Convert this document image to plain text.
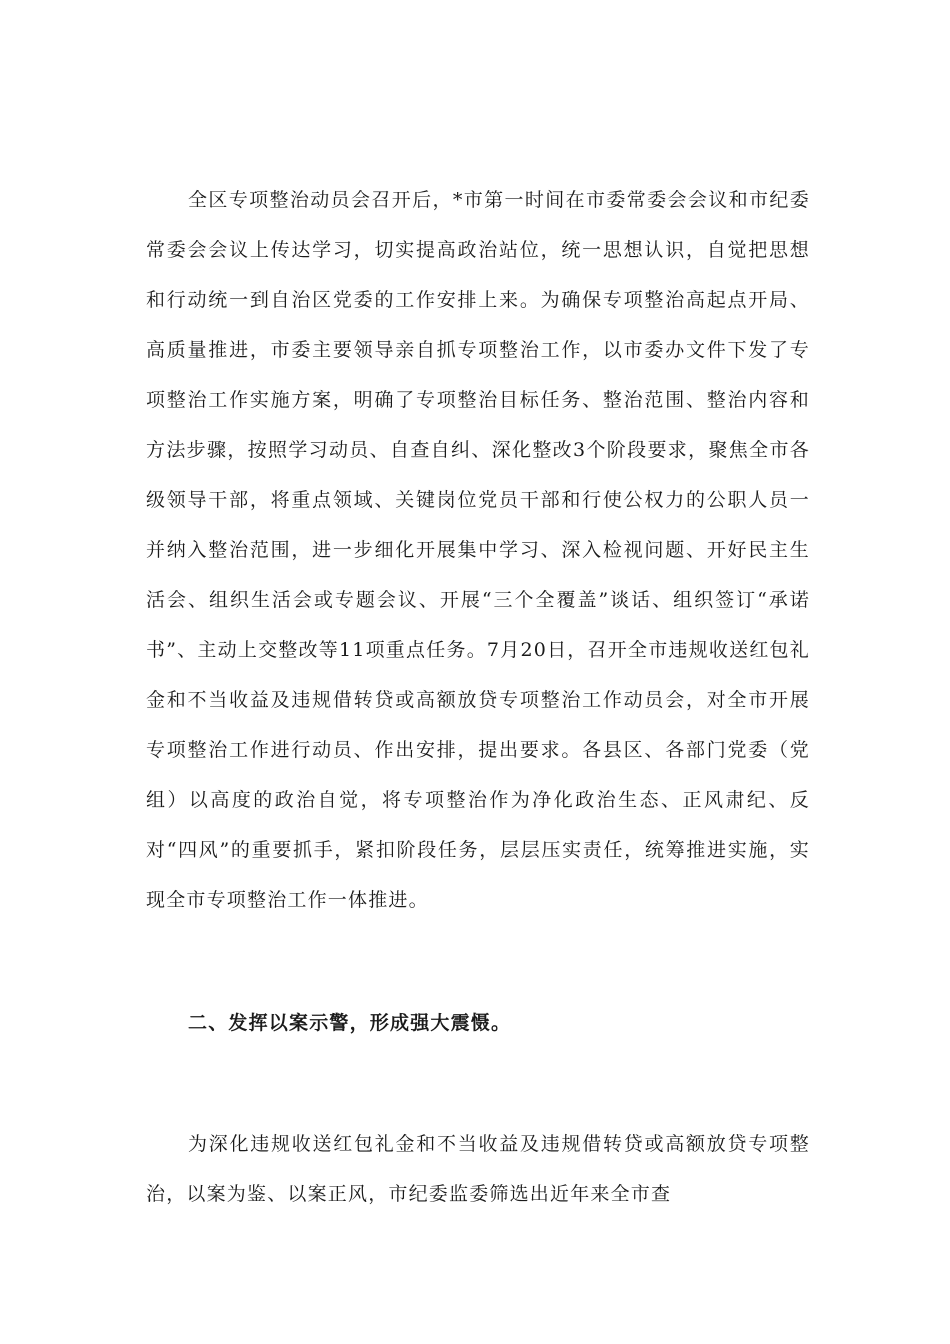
全区专项整治动员会召开后，*市第一时间在市委常委会会议和市纪委常委会会议上传达学习，切实提高政治站位，统一思想认识，自觉把思想和行动统一到自治区党委的工作安排上来。为确保专项整治高起点开局、高质量推进，市委主要领导亲自抓专项整治工作，以市委办文件下发了专项整治工作实施方案，明确了专项整治目标任务、整治范围、整治内容和方法步骤，按照学习动员、自查自纠、深化整改3个阶段要求，聚焦全市各级领导干部，将重点领域、关键岗位党员干部和行使公权力的公职人员一并纳入整治范围，进一步细化开展集中学习、深入检视问题、开好民主生活会、组织生活会或专题会议、开展“三个全覆盖”谈话、组织签订“承诺书”、主动上交整改等11项重点任务。7月20日，召开全市违规收送红包礼金和不当收益及违规借转贷或高额放贷专项整治工作动员会，对全市开展专项整治工作进行动员、作出安排，提出要求。各县区、各部门党委（党组）以高度的政治自觉，将专项整治作为净化政治生态、正风肃纪、反对“四风”的重要抓手，紧扣阶段任务，层层压实责任，统筹推进实施，实现全市专项整治工作一体推进。

二、发挥以案示警，形成强大震慑。

为深化违规收送红包礼金和不当收益及违规借转贷或高额放贷专项整治，以案为鉴、以案正风，市纪委监委筛选出近年来全市查
